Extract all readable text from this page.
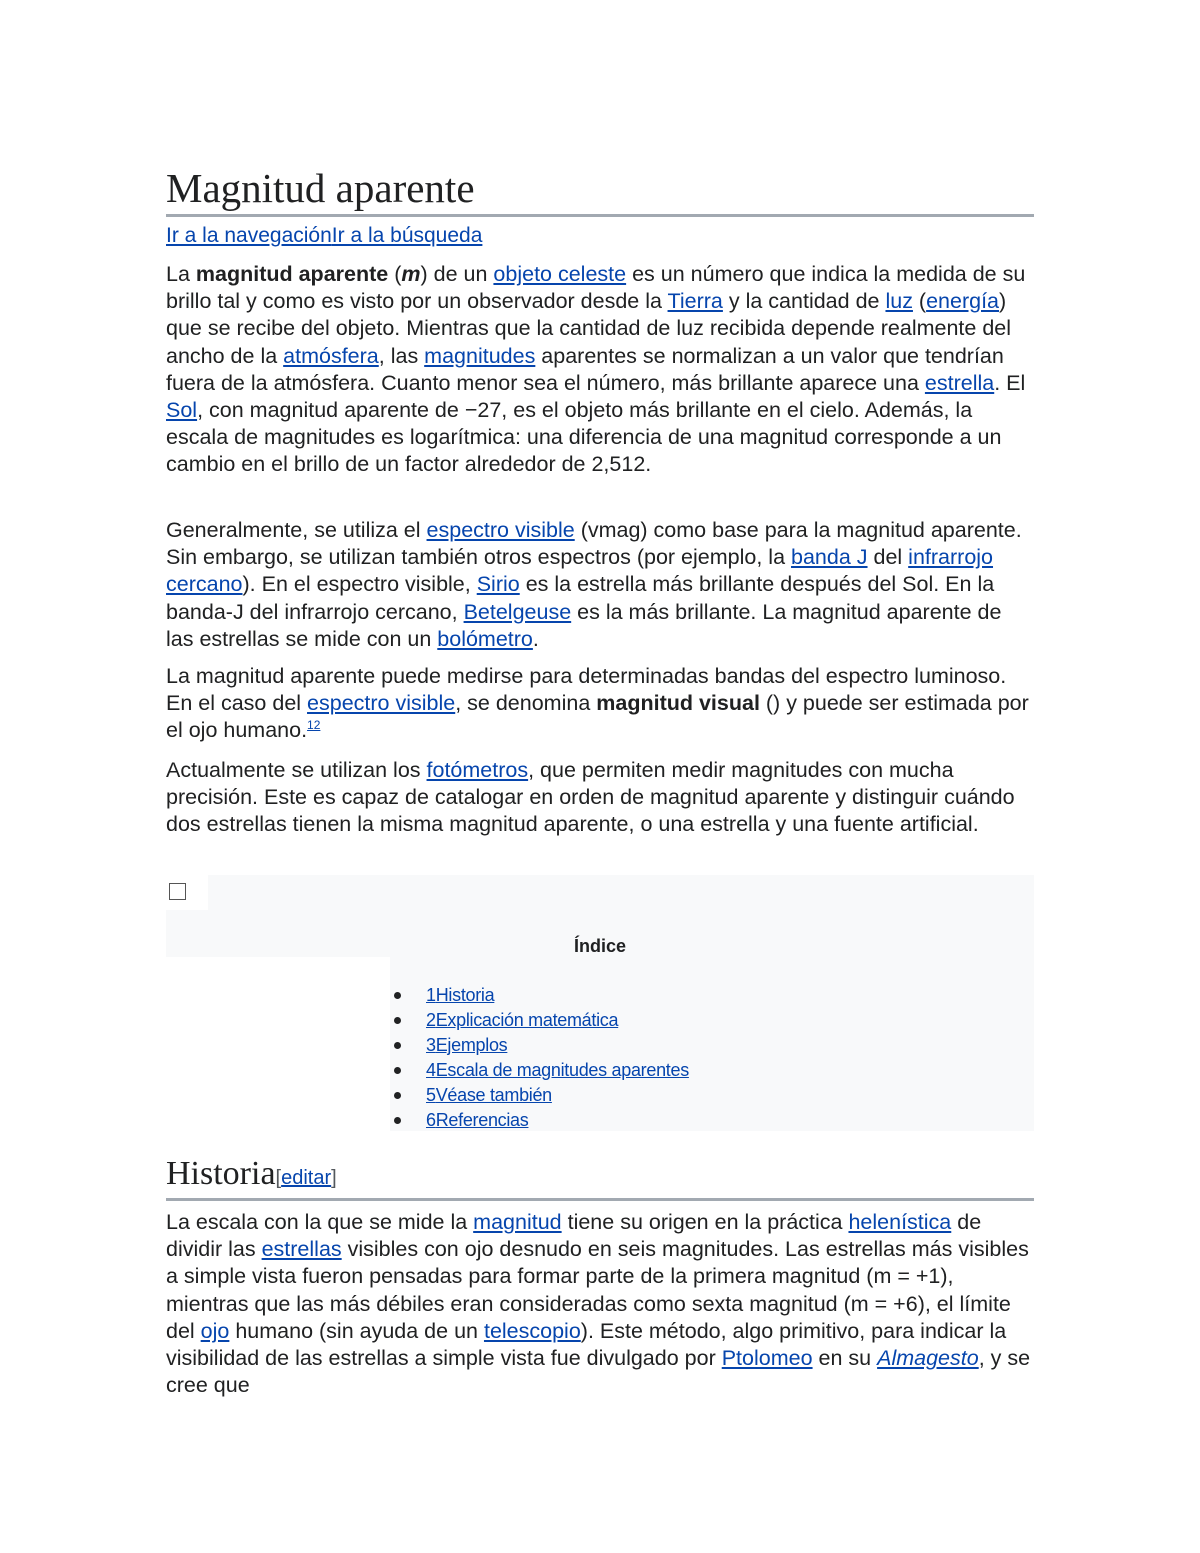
Magnitud aparente
Ir a la navegaciónIr a la búsqueda

La magnitud aparente (m) de un objeto celeste es un número que indica la medida de su brillo tal y como es visto por un observador desde la Tierra y la cantidad de luz (energía) que se recibe del objeto. Mientras que la cantidad de luz recibida depende realmente del ancho de la atmósfera, las magnitudes aparentes se normalizan a un valor que tendrían fuera de la atmósfera. Cuanto menor sea el número, más brillante aparece una estrella. El Sol, con magnitud aparente de −27, es el objeto más brillante en el cielo. Además, la escala de magnitudes es logarítmica: una diferencia de una magnitud corresponde a un cambio en el brillo de un factor alrededor de 2,512.

Generalmente, se utiliza el espectro visible (vmag) como base para la magnitud aparente. Sin embargo, se utilizan también otros espectros (por ejemplo, la banda J del infrarrojo cercano). En el espectro visible, Sirio es la estrella más brillante después del Sol. En la banda-J del infrarrojo cercano, Betelgeuse es la más brillante. La magnitud aparente de las estrellas se mide con un bolómetro.

La magnitud aparente puede medirse para determinadas bandas del espectro luminoso. En el caso del espectro visible, se denomina magnitud visual () y puede ser estimada por el ojo humano.$^{12}$

Actualmente se utilizan los fotómetros, que permiten medir magnitudes con mucha precisión. Este es capaz de catalogar en orden de magnitud aparente y distinguir cuándo dos estrellas tienen la misma magnitud aparente, o una estrella y una fuente artificial.

Índice
1Historia
2Explicación matemática
3Ejemplos
4Escala de magnitudes aparentes
5Véase también
6Referencias
Historia[editar]

La escala con la que se mide la magnitud tiene su origen en la práctica helenística de dividir las estrellas visibles con ojo desnudo en seis magnitudes. Las estrellas más visibles a simple vista fueron pensadas para formar parte de la primera magnitud (m = +1), mientras que las más débiles eran consideradas como sexta magnitud (m = +6), el límite del ojo humano (sin ayuda de un telescopio). Este método, algo primitivo, para indicar la visibilidad de las estrellas a simple vista fue divulgado por Ptolomeo en su Almagesto, y se cree que
